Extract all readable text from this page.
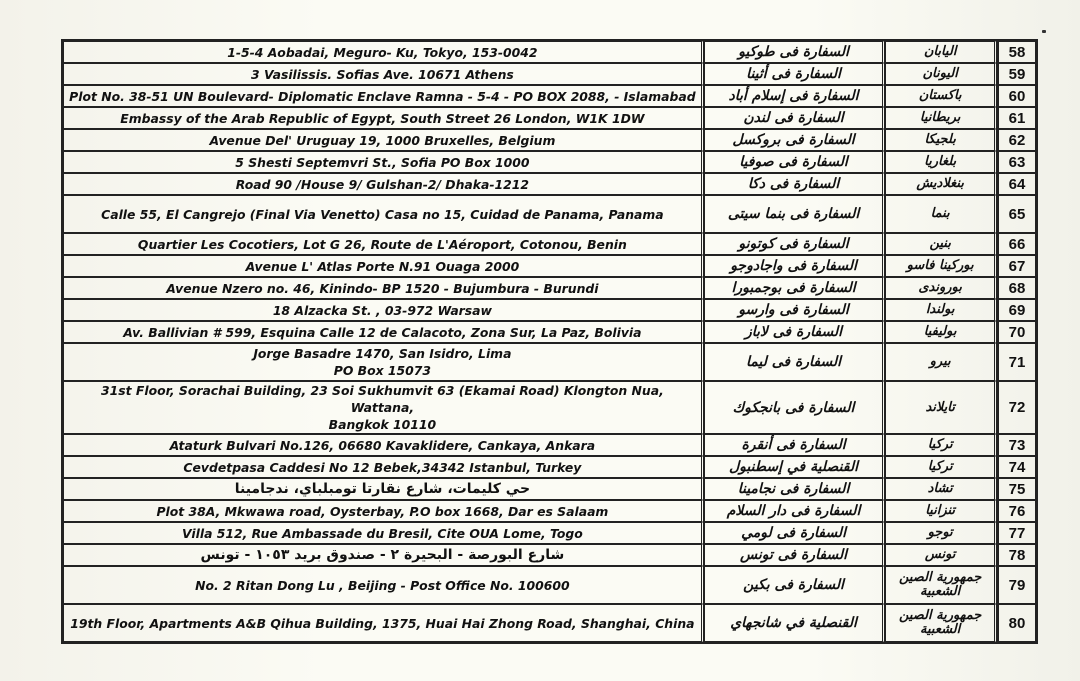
1-5-4 Aobadai, Meguro- Ku, Tokyo, 153-0042	السفارة فى طوكيو	اليابان	58

3 Vasilissis. Sofias Ave. 10671 Athens	السفارة فى أثينا	اليونان	59

Plot No. 38-51 UN Boulevard- Diplomatic Enclave Ramna - 5-4 - PO BOX 2088, - Islamabad	السفارة فى إسلام أباد	باكستان	60

Embassy of the Arab Republic of Egypt, South Street 26 London, W1K 1DW	السفارة فى لندن	بريطانيا	61

Avenue Del' Uruguay 19, 1000 Bruxelles, Belgium	السفارة فى بروكسل	بلجيكا	62

5 Shesti Septemvri St., Sofia PO Box 1000	السفارة فى صوفيا	بلغاريا	63

Road 90 /House 9/ Gulshan-2/ Dhaka-1212	السفارة فى دكا	بنغلاديش	64

Calle 55, El Cangrejo (Final Via Venetto) Casa no 15, Cuidad de Panama, Panama	السفارة فى بنما سيتى	بنما	65

Quartier Les Cocotiers, Lot G 26, Route de L'Aéroport, Cotonou, Benin	السفارة فى كوتونو	بنين	66

Avenue L' Atlas Porte N.91 Ouaga 2000	السفارة فى واجادوجو	بوركينا فاسو	67

Avenue Nzero no. 46, Kinindo- BP 1520 - Bujumbura - Burundi	السفارة فى بوجمبورا	بوروندى	68

18 Alzacka St. , 03-972 Warsaw	السفارة فى وارسو	بولندا	69

Av. Ballivian # 599, Esquina Calle 12 de Calacoto, Zona Sur, La Paz, Bolivia	السفارة فى لاباز	بوليفيا	70

Jorge Basadre 1470, San Isidro, Lima
PO Box 15073	السفارة فى ليما	بيرو	71

31st Floor, Sorachai Building, 23 Soi Sukhumvit 63 (Ekamai Road) Klongton Nua, Wattana,
Bangkok 10110	السفارة فى بانجكوك	تايلاند	72

Ataturk Bulvari No.126, 06680 Kavaklidere, Cankaya, Ankara	السفارة فى أنقرة	تركيا	73

Cevdetpasa Caddesi No 12 Bebek,34342 Istanbul, Turkey	القنصلية في إسطنبول	تركيا	74

حي كليمات، شارع نقارتا تومبلباي، ندجامينا	السفارة فى نجامينا	تشاد	75

Plot 38A, Mkwawa road, Oysterbay, P.O box 1668, Dar es Salaam	السفارة فى دار السلام	تنزانيا	76

Villa 512, Rue Ambassade du Bresil, Cite OUA Lome, Togo	السفارة فى لومي	توجو	77

شارع البورصة - البحيرة ٢ - صندوق بريد ١٠٥٣ - تونس	السفارة فى تونس	تونس	78

No. 2 Ritan Dong Lu , Beijing - Post Office No. 100600	السفارة فى بكين	جمهورية الصين الشعبية	79

19th Floor, Apartments A&B Qihua Building, 1375, Huai Hai Zhong Road, Shanghai, China	القنصلية في شانجهاي	جمهورية الصين الشعبية	80
